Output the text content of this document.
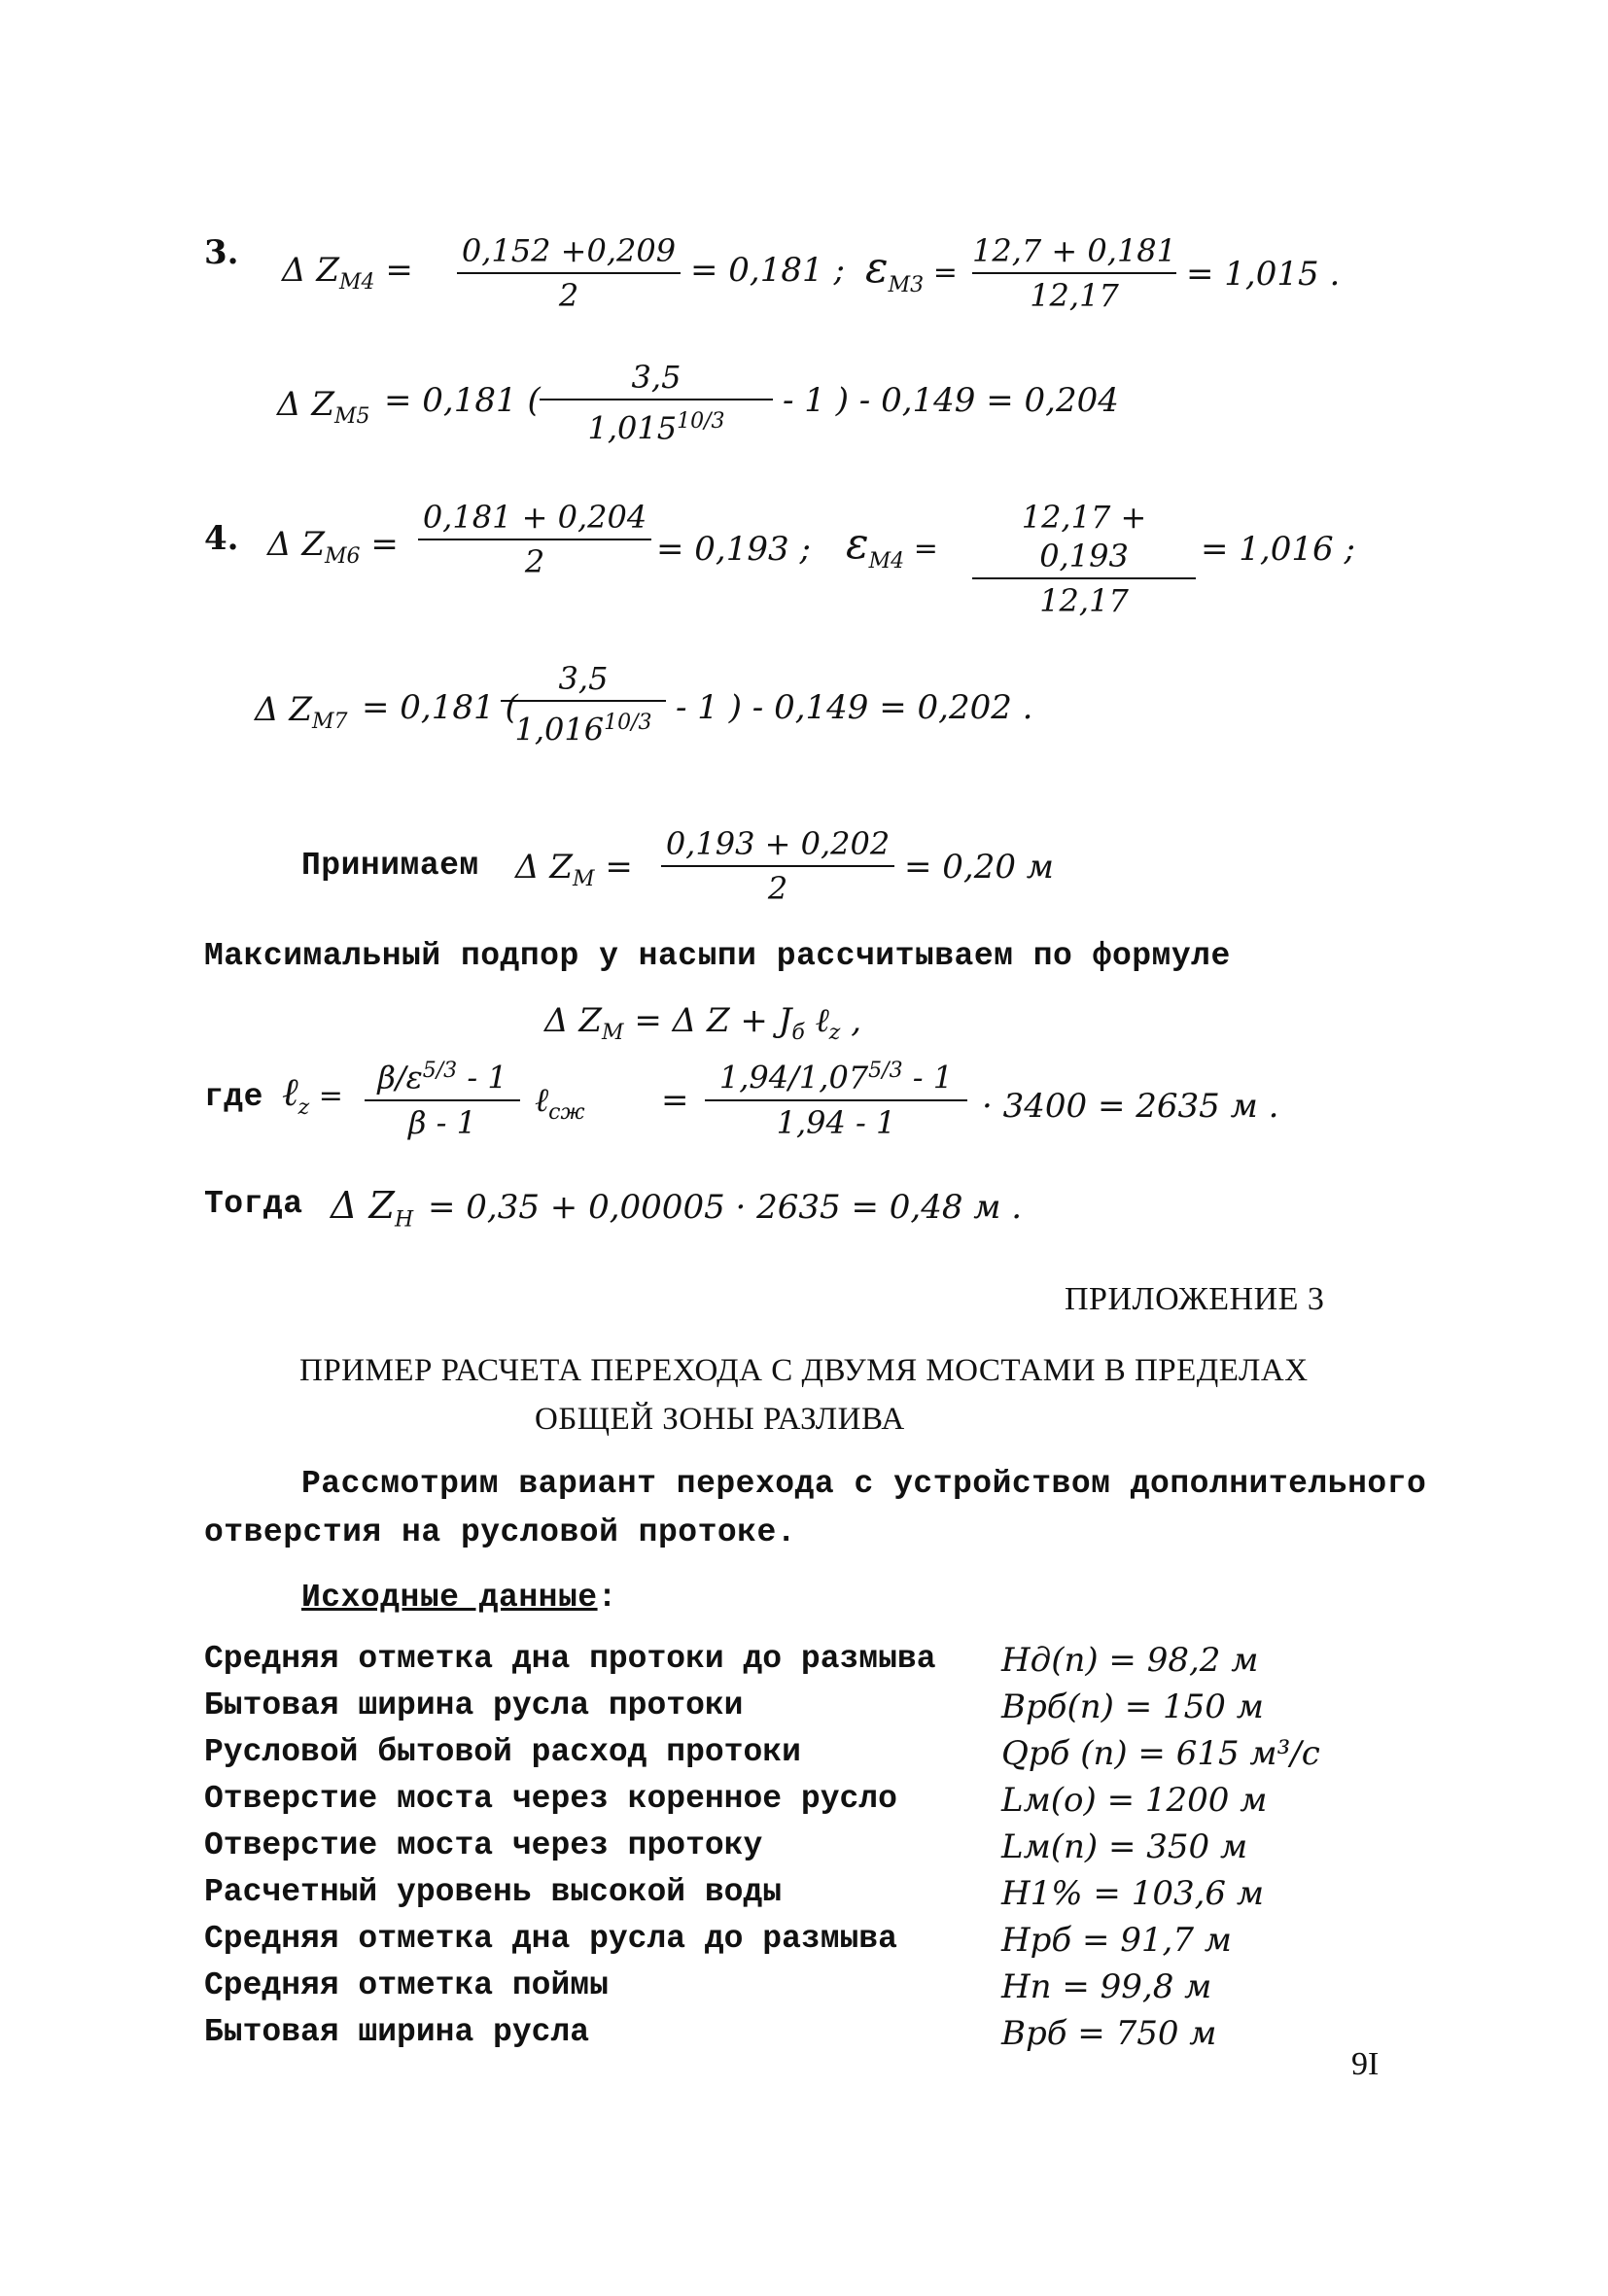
3. Δ $Z_{M4} = 0,152 +0,209$
2
= 0,181 ; $\varepsilon_{M3}$ =
12,7 + 0,181
12,17
= 1,015 .
Δ $Z_{M5} = 0,181$ (
3,5
$1,015^{10/3}$
- 1 ) - 0,149 = 0,204
4. Δ $Z_{M6}$ =
0,181 + 0,204
2	= 0,193 ; $\varepsilon_{M4}$ =
12,17 + 0,193
12,17
= 1,016 ;
Δ $Z_{M7} = 0,181$ (
3,5
$1,016^{10/3} - 1$ ) - 0,149 = 0,202 .
Принимаем Δ $Z_M$ =
0,193 + 0,202
2
= 0,20 м
Максимальный подпор у насыпи рассчитываем по формуле
Δ $Z_M = \Delta$ $Z + J_б$ ℓ$_z$ ,
где ℓ$_z$ =	$\beta/\varepsilon^{5/3} - 1$
β - 1
ℓ$_{сж}$ =
$1,94/1,07^{5/3} - 1$
1,94 - 1	· 3400 = 2635 м .
Тогда Δ $Z_H = 0,35 + 0,00005 \cdot 2635 = 0,48$ м .
ПРИЛОЖЕНИЕ 3
ПРИМЕР РАСЧЕТА ПЕРЕХОДА С ДВУМЯ МОСТАМИ В ПРЕДЕЛАХ
ОБЩЕЙ ЗОНЫ РАЗЛИВА
Рассмотрим вариант перехода с устройством дополнительного
отверстия на русловой протоке.
Исходные данные:
Средняя отметка дна протоки до размыва Hд(п) = 98,2 м
Бытовая ширина русла протоки	Bрб(п) = 150 м
Русловой бытовой расход протоки	Qрб (п) = 615 м³/с
Отверстие моста через коренное русло	Lм(о) = 1200 м
Отверстие моста через протоку	Lм(п) = 350 м
Расчетный уровень высокой воды	H1% = 103,6 м
Средняя отметка дна русла до размыва	Hрб = 91,7 м
Средняя отметка поймы	Hп = 99,8 м
Бытовая ширина русла	Bрб = 750 м
9I
